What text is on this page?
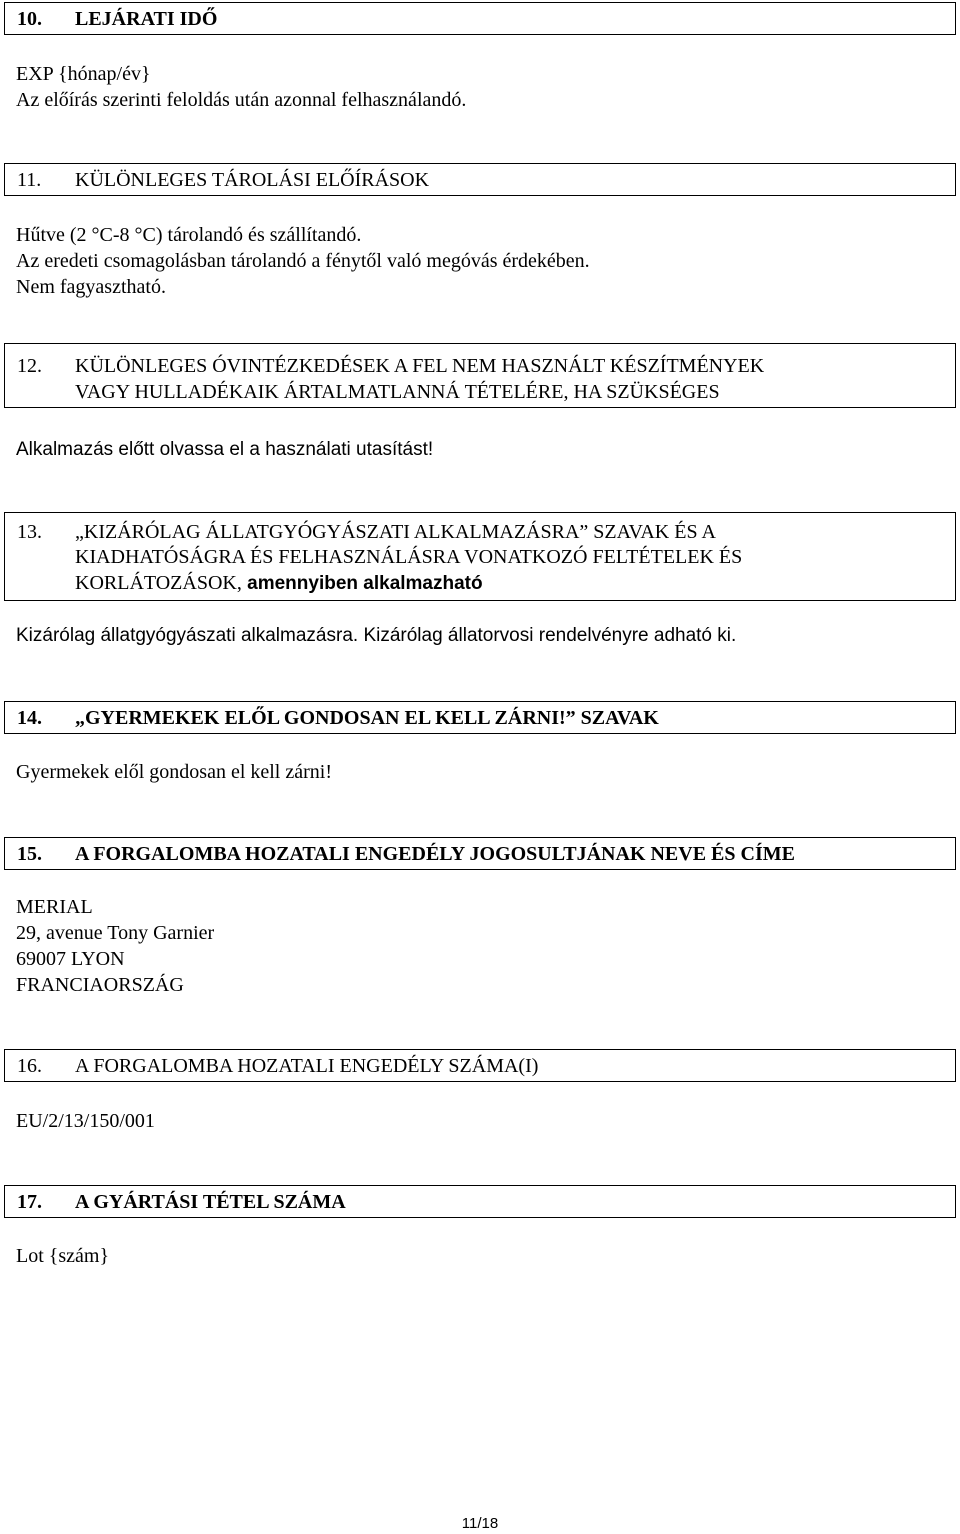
10. LEJÁRATI IDŐ
EXP {hónap/év}
Az előírás szerinti feloldás után azonnal felhasználandó.
11. KÜLÖNLEGES TÁROLÁSI ELŐÍRÁSOK
Hűtve (2 °C-8 °C) tárolandó és szállítandó.
Az eredeti csomagolásban tárolandó a fénytől való megóvás érdekében.
Nem fagyasztható.
12. KÜLÖNLEGES ÓVINTÉZKEDÉSEK A FEL NEM HASZNÁLT KÉSZÍTMÉNYEK
VAGY HULLADÉKAIK ÁRTALMATLANNÁ TÉTELÉRE, HA SZÜKSÉGES
Alkalmazás előtt olvassa el a használati utasítást!
13. „KIZÁRÓLAG ÁLLATGYÓGYÁSZATI ALKALMAZÁSRA” SZAVAK ÉS A
KIADHATÓSÁGRA ÉS FELHASZNÁLÁSRA VONATKOZÓ FELTÉTELEK ÉS
KORLÁTOZÁSOK, amennyiben alkalmazható
Kizárólag állatgyógyászati alkalmazásra. Kizárólag állatorvosi rendelvényre adható ki.
14. „GYERMEKEK ELŐL GONDOSAN EL KELL ZÁRNI!” SZAVAK
Gyermekek elől gondosan el kell zárni!
15. A FORGALOMBA HOZATALI ENGEDÉLY JOGOSULTJÁNAK NEVE ÉS CÍME
MERIAL
29, avenue Tony Garnier
69007 LYON
FRANCIAORSZÁG
16. A FORGALOMBA HOZATALI ENGEDÉLY SZÁMA(I)
EU/2/13/150/001
17. A GYÁRTÁSI TÉTEL SZÁMA
Lot {szám}
11/18
